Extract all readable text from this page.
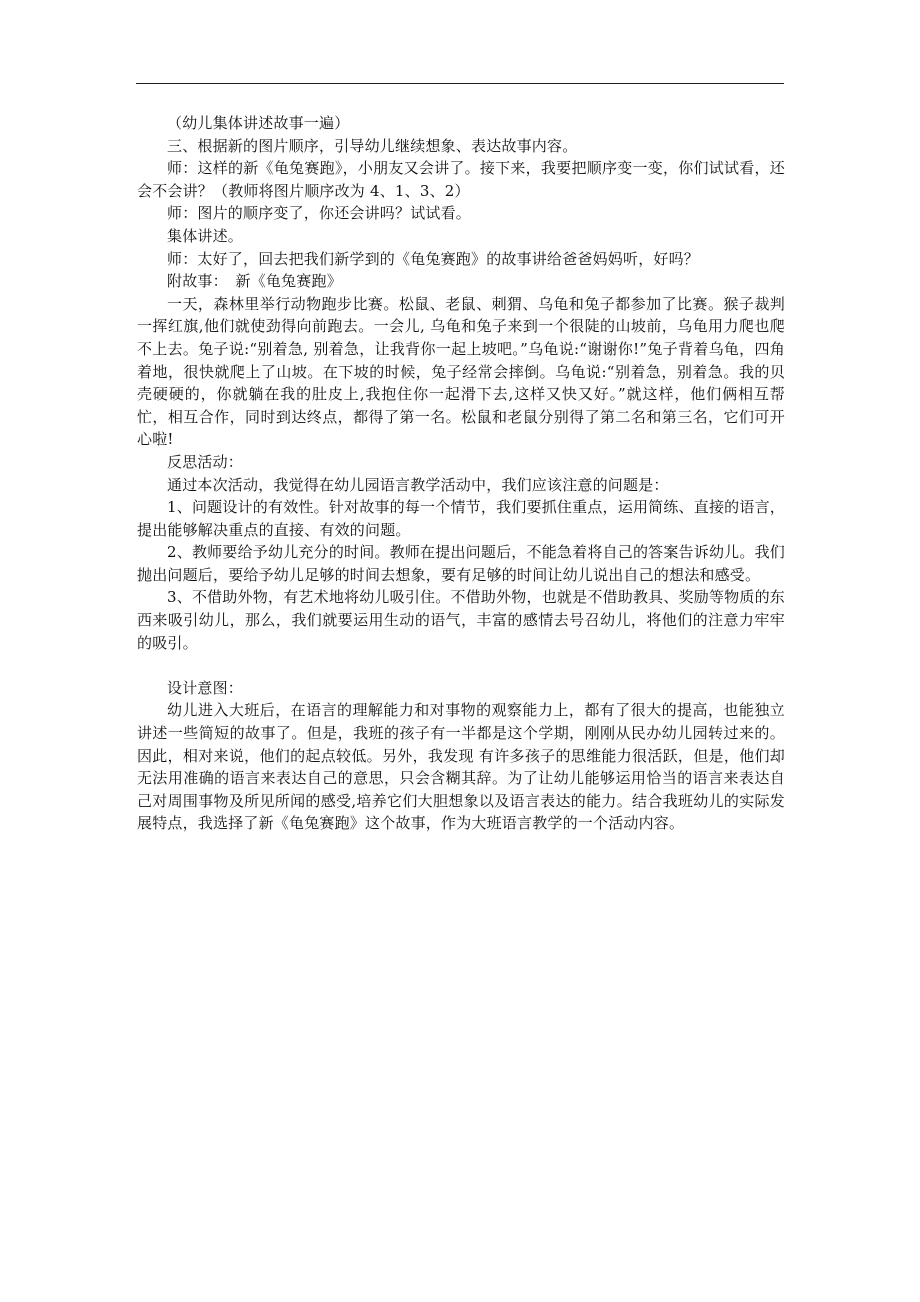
（幼儿集体讲述故事一遍）

三、根据新的图片顺序，引导幼儿继续想象、表达故事内容。

师：这样的新《龟兔赛跑》，小朋友又会讲了。接下来，我要把顺序变一变，你们试试看，还会不会讲？（教师将图片顺序改为 4、1、3、2）

师：图片的顺序变了，你还会讲吗？试试看。

集体讲述。

师：太好了，回去把我们新学到的《龟兔赛跑》的故事讲给爸爸妈妈听，好吗？

附故事：　新《龟兔赛跑》

一天，森林里举行动物跑步比赛。松鼠、老鼠、刺猬、乌龟和兔子都参加了比赛。猴子裁判一挥红旗,他们就使劲得向前跑去。一会儿, 乌龟和兔子来到一个很陡的山坡前，乌龟用力爬也爬不上去。兔子说:“别着急, 别着急，让我背你一起上坡吧。”乌龟说:“谢谢你!”兔子背着乌龟，四角着地，很快就爬上了山坡。在下坡的时候，兔子经常会摔倒。乌龟说:“别着急，别着急。我的贝壳硬硬的，你就躺在我的肚皮上,我抱住你一起滑下去,这样又快又好。”就这样，他们俩相互帮忙，相互合作，同时到达终点，都得了第一名。松鼠和老鼠分别得了第二名和第三名，它们可开心啦!

反思活动：

通过本次活动，我觉得在幼儿园语言教学活动中，我们应该注意的问题是：

1、问题设计的有效性。针对故事的每一个情节，我们要抓住重点，运用简练、直接的语言，提出能够解决重点的直接、有效的问题。

2、教师要给予幼儿充分的时间。教师在提出问题后，不能急着将自己的答案告诉幼儿。我们抛出问题后，要给予幼儿足够的时间去想象，要有足够的时间让幼儿说出自己的想法和感受。

3、不借助外物，有艺术地将幼儿吸引住。不借助外物，也就是不借助教具、奖励等物质的东西来吸引幼儿，那么，我们就要运用生动的语气，丰富的感情去号召幼儿，将他们的注意力牢牢的吸引。

设计意图：

幼儿进入大班后，在语言的理解能力和对事物的观察能力上，都有了很大的提高，也能独立讲述一些简短的故事了。但是，我班的孩子有一半都是这个学期，刚刚从民办幼儿园转过来的。因此，相对来说，他们的起点较低。另外，我发现 有许多孩子的思维能力很活跃，但是，他们却无法用准确的语言来表达自己的意思，只会含糊其辞。为了让幼儿能够运用恰当的语言来表达自己对周围事物及所见所闻的感受,培养它们大胆想象以及语言表达的能力。结合我班幼儿的实际发展特点，我选择了新《龟兔赛跑》这个故事，作为大班语言教学的一个活动内容。
